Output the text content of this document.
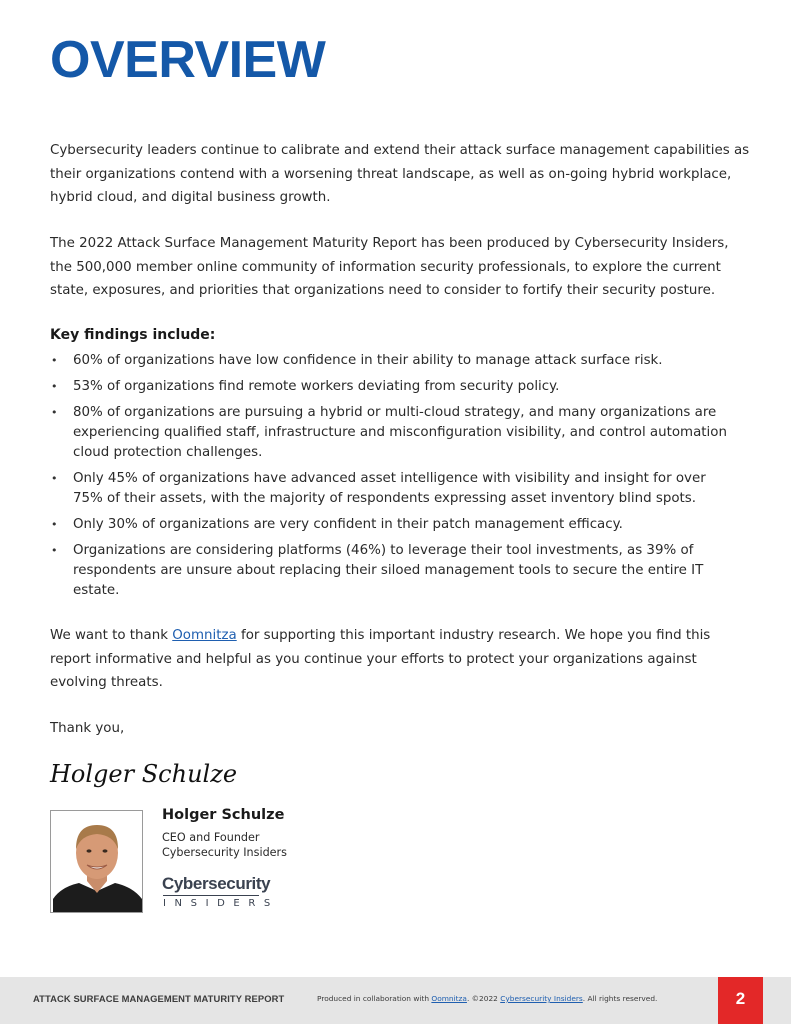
OVERVIEW

Cybersecurity leaders continue to calibrate and extend their attack surface management capabilities as their organizations contend with a worsening threat landscape, as well as on-going hybrid workplace, hybrid cloud, and digital business growth.

The 2022 Attack Surface Management Maturity Report has been produced by Cybersecurity Insiders, the 500,000 member online community of information security professionals, to explore the current state, exposures, and priorities that organizations need to consider to fortify their security posture.

Key findings include:
• 60% of organizations have low confidence in their ability to manage attack surface risk.
• 53% of organizations find remote workers deviating from security policy.
• 80% of organizations are pursuing a hybrid or multi-cloud strategy, and many organizations are experiencing qualified staff, infrastructure and misconfiguration visibility, and control automation cloud protection challenges.
• Only 45% of organizations have advanced asset intelligence with visibility and insight for over 75% of their assets, with the majority of respondents expressing asset inventory blind spots.
• Only 30% of organizations are very confident in their patch management efficacy.
• Organizations are considering platforms (46%) to leverage their tool investments, as 39% of respondents are unsure about replacing their siloed management tools to secure the entire IT estate.

We want to thank Oomnitza for supporting this important industry research. We hope you find this report informative and helpful as you continue your efforts to protect your organizations against evolving threats.

Thank you,

Holger Schulze
Holger Schulze
CEO and Founder
Cybersecurity Insiders
Cybersecurity
INSIDERS
ATTACK SURFACE MANAGEMENT MATURITY REPORT	Produced in collaboration with Oomnitza. ©2022 Cybersecurity Insiders. All rights reserved.	2
